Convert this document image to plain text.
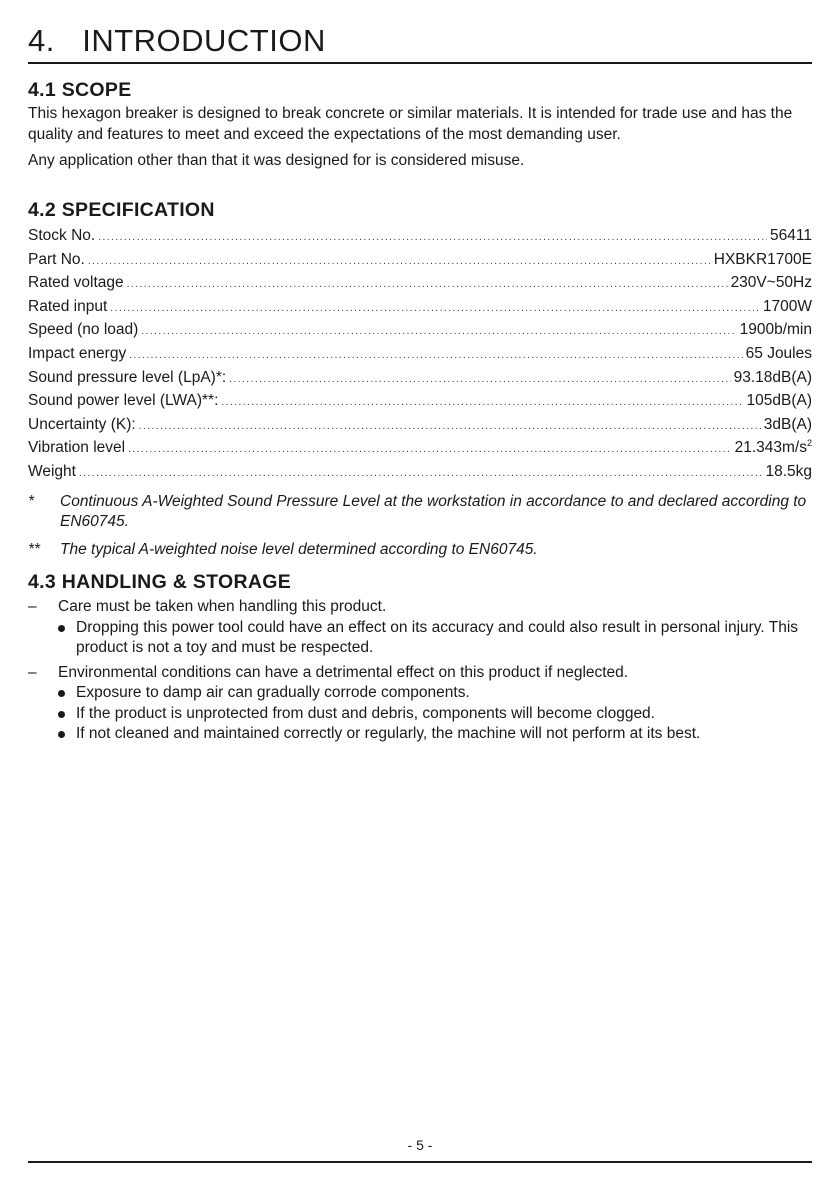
4. INTRODUCTION
4.1 SCOPE

This hexagon breaker is designed to break concrete or similar materials. It is intended for trade use and has the quality and features to meet and exceed the expectations of the most demanding user.

Any application other than that it was designed for is considered misuse.

4.2 SPECIFICATION
Stock No. .....	56411
Part No. .....	HXBKR1700E
Rated voltage .....	230V~50Hz
Rated input .....	1700W
Speed (no load) .....	1900b/min
Impact energy .....	65 Joules
Sound pressure level (LpA)*: .....	93.18dB(A)
Sound power level (LWA)**: .....	105dB(A)
Uncertainty (K): .....	3dB(A)
Vibration level .....	$21.343m/s^2$
Weight .....	18.5kg
* Continuous A-Weighted Sound Pressure Level at the workstation in accordance to and declared according to EN60745.
** The typical A-weighted noise level determined according to EN60745.
4.3 HANDLING & STORAGE
– Care must be taken when handling this product.
Dropping this power tool could have an effect on its accuracy and could also result in personal injury. This product is not a toy and must be respected.
– Environmental conditions can have a detrimental effect on this product if neglected.
Exposure to damp air can gradually corrode components.
If the product is unprotected from dust and debris, components will become clogged.
If not cleaned and maintained correctly or regularly, the machine will not perform at its best.
- 5 -
